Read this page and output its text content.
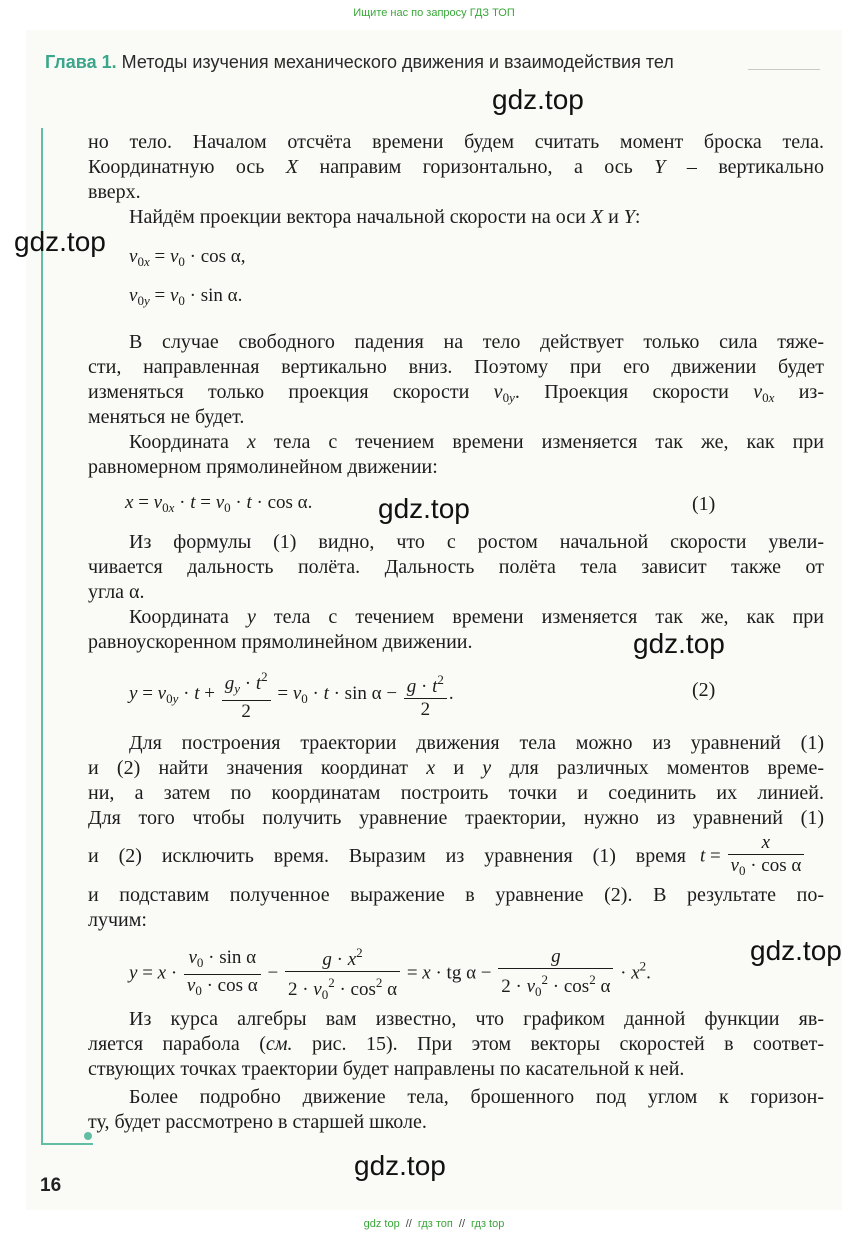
Ищите нас по запросу ГДЗ ТОП
Глава 1. Методы изучения механического движения и взаимодействия тел
но тело. Началом отсчёта времени будем считать момент броска тела.
Координатную ось X направим горизонтально, а ось Y – вертикально
вверх.
Найдём проекции вектора начальной скорости на оси X и Y:
$v_{0x} = v_0 \cdot \cos \alpha$,
$v_{0y} = v_0 \cdot \sin \alpha$.
В случае свободного падения на тело действует только сила тяже-
сти, направленная вертикально вниз. Поэтому при его движении будет
изменяться только проекция скорости $v_{0y}$. Проекция скорости $v_{0x}$ из-
меняться не будет.
Координата x тела с течением времени изменяется так же, как при
равномерном прямолинейном движении:
$x = v_{0x} \cdot t = v_0 \cdot t \cdot \cos \alpha$.	(1)
Из формулы (1) видно, что с ростом начальной скорости увели-
чивается дальность полёта. Дальность полёта тела зависит также от
угла α.
Координата y тела с течением времени изменяется так же, как при
равноускоренном прямолинейном движении.
$y = v_{0y} \cdot t + \frac{g_y \cdot t^2}{2} = v_0 \cdot t \cdot \sin \alpha - \frac{g \cdot t^2}{2}$ .	(2)
Для построения траектории движения тела можно из уравнений (1)
и (2) найти значения координат x и y для различных моментов време-
ни, а затем по координатам построить точки и соединить их линией.
Для того чтобы получить уравнение траектории, нужно из уравнений (1)
и (2) исключить время. Выразим из уравнения (1) время $t = \frac{x}{v_0 \cdot \cos \alpha}$
и подставим полученное выражение в уравнение (2). В результате по-
лучим:
$y = x \cdot \frac{v_0 \cdot \sin \alpha}{v_0 \cdot \cos \alpha} - \frac{g \cdot x^2}{2 \cdot v_0^2 \cdot \cos^2 \alpha} = x$ · tg $\alpha - \frac{g}{2 \cdot v_0^2 \cdot \cos^2 \alpha} \cdot x^2$.
Из курса алгебры вам известно, что графиком данной функции яв-
ляется парабола (см. рис. 15). При этом векторы скоростей в соответ-
ствующих точках траектории будет направлены по касательной к ней.
Более подробно движение тела, брошенного под углом к горизон-
ту, будет рассмотрено в старшей школе.
gdz.top
gdz.top
gdz.top
gdz.top
gdz.top
gdz.top
16
gdz top // гдз топ // гдз top
